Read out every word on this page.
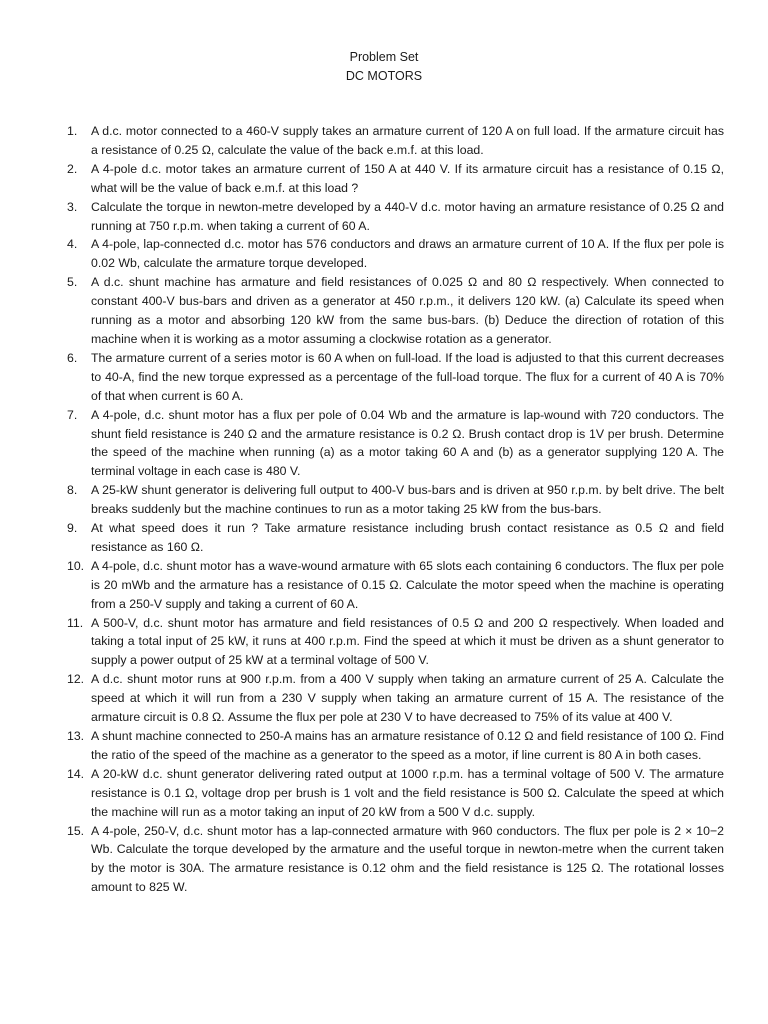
Problem Set
DC MOTORS
1. A d.c. motor connected to a 460-V supply takes an armature current of 120 A on full load. If the armature circuit has a resistance of 0.25 Ω, calculate the value of the back e.m.f. at this load.
2. A 4-pole d.c. motor takes an armature current of 150 A at 440 V. If its armature circuit has a resistance of 0.15 Ω, what will be the value of back e.m.f. at this load ?
3. Calculate the torque in newton-metre developed by a 440-V d.c. motor having an armature resistance of 0.25 Ω and running at 750 r.p.m. when taking a current of 60 A.
4. A 4-pole, lap-connected d.c. motor has 576 conductors and draws an armature current of 10 A. If the flux per pole is 0.02 Wb, calculate the armature torque developed.
5. A d.c. shunt machine has armature and field resistances of 0.025 Ω and 80 Ω respectively. When connected to constant 400-V bus-bars and driven as a generator at 450 r.p.m., it delivers 120 kW. (a) Calculate its speed when running as a motor and absorbing 120 kW from the same bus-bars. (b) Deduce the direction of rotation of this machine when it is working as a motor assuming a clockwise rotation as a generator.
6. The armature current of a series motor is 60 A when on full-load. If the load is adjusted to that this current decreases to 40-A, find the new torque expressed as a percentage of the full-load torque. The flux for a current of 40 A is 70% of that when current is 60 A.
7. A 4-pole, d.c. shunt motor has a flux per pole of 0.04 Wb and the armature is lap-wound with 720 conductors. The shunt field resistance is 240 Ω and the armature resistance is 0.2 Ω. Brush contact drop is 1V per brush. Determine the speed of the machine when running (a) as a motor taking 60 A and (b) as a generator supplying 120 A. The terminal voltage in each case is 480 V.
8. A 25-kW shunt generator is delivering full output to 400-V bus-bars and is driven at 950 r.p.m. by belt drive. The belt breaks suddenly but the machine continues to run as a motor taking 25 kW from the bus-bars.
9. At what speed does it run ? Take armature resistance including brush contact resistance as 0.5 Ω and field resistance as 160 Ω.
10. A 4-pole, d.c. shunt motor has a wave-wound armature with 65 slots each containing 6 conductors. The flux per pole is 20 mWb and the armature has a resistance of 0.15 Ω. Calculate the motor speed when the machine is operating from a 250-V supply and taking a current of 60 A.
11. A 500-V, d.c. shunt motor has armature and field resistances of 0.5 Ω and 200 Ω respectively. When loaded and taking a total input of 25 kW, it runs at 400 r.p.m. Find the speed at which it must be driven as a shunt generator to supply a power output of 25 kW at a terminal voltage of 500 V.
12. A d.c. shunt motor runs at 900 r.p.m. from a 400 V supply when taking an armature current of 25 A. Calculate the speed at which it will run from a 230 V supply when taking an armature current of 15 A. The resistance of the armature circuit is 0.8 Ω. Assume the flux per pole at 230 V to have decreased to 75% of its value at 400 V.
13. A shunt machine connected to 250-A mains has an armature resistance of 0.12 Ω and field resistance of 100 Ω. Find the ratio of the speed of the machine as a generator to the speed as a motor, if line current is 80 A in both cases.
14. A 20-kW d.c. shunt generator delivering rated output at 1000 r.p.m. has a terminal voltage of 500 V. The armature resistance is 0.1 Ω, voltage drop per brush is 1 volt and the field resistance is 500 Ω. Calculate the speed at which the machine will run as a motor taking an input of 20 kW from a 500 V d.c. supply.
15. A 4-pole, 250-V, d.c. shunt motor has a lap-connected armature with 960 conductors. The flux per pole is 2 × 10−2 Wb. Calculate the torque developed by the armature and the useful torque in newton-metre when the current taken by the motor is 30A. The armature resistance is 0.12 ohm and the field resistance is 125 Ω. The rotational losses amount to 825 W.
